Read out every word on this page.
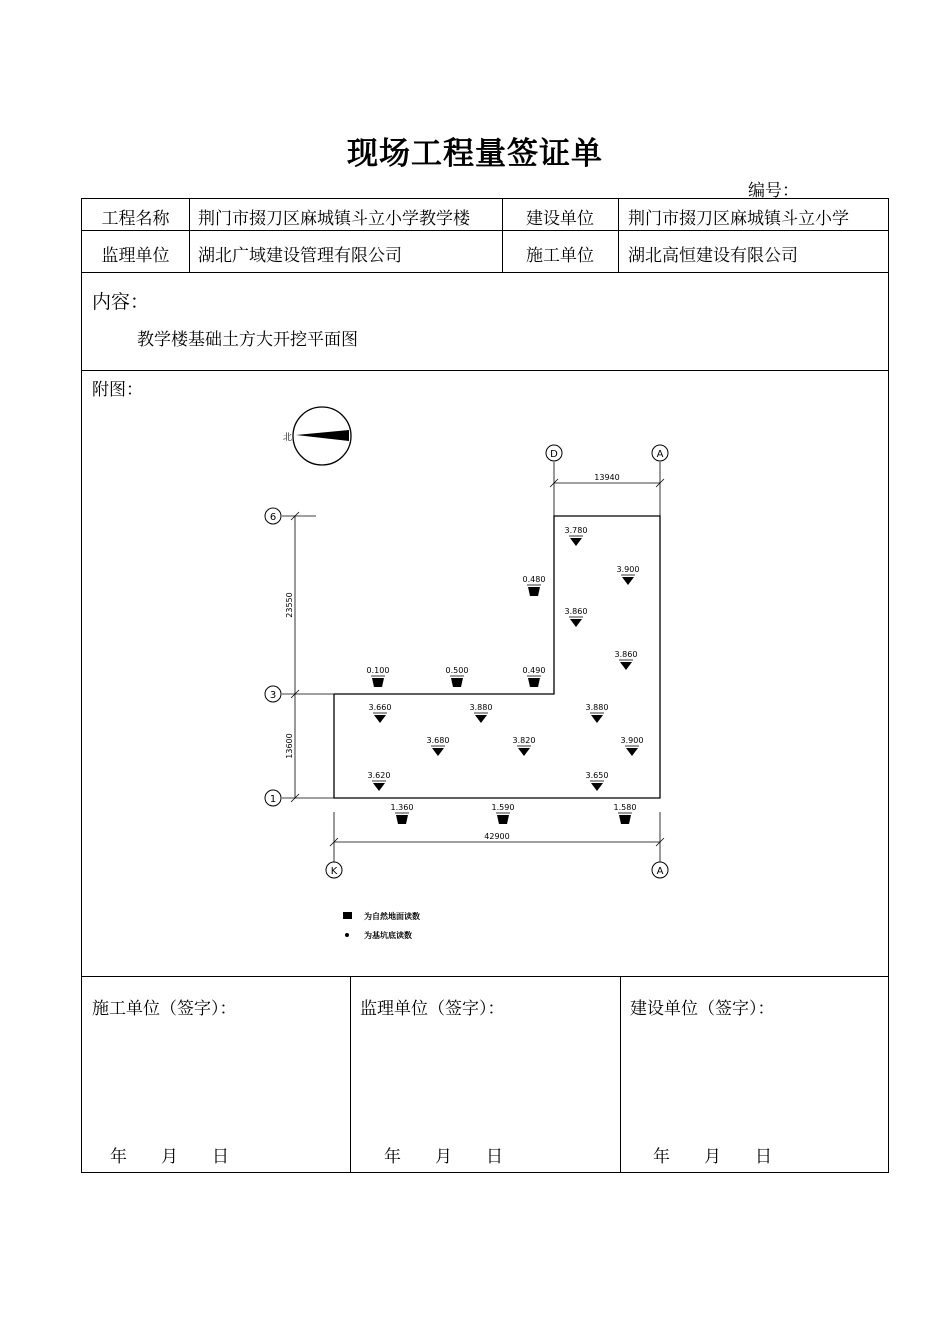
现场工程量签证单
编号：
工程名称	荆门市掇刀区麻城镇斗立小学教学楼	建设单位	荆门市掇刀区麻城镇斗立小学
监理单位	湖北广域建设管理有限公司	施工单位	湖北高恒建设有限公司
内容：
教学楼基础土方大开挖平面图
附图：
施工单位（签字）：
年　　月　　日
监理单位（签字）：
年　　月　　日
建设单位（签字）：
年　　月　　日
北
D	A
13940
6
3
1
23550
13600
42900
K	A
0.480
0.100	0.500	0.490
1.360	1.590	1.580
3.780
3.900
3.860
3.860
3.660	3.880	3.880
3.680	3.820	3.900
3.620	3.650
为自然地面读数
为基坑底读数
